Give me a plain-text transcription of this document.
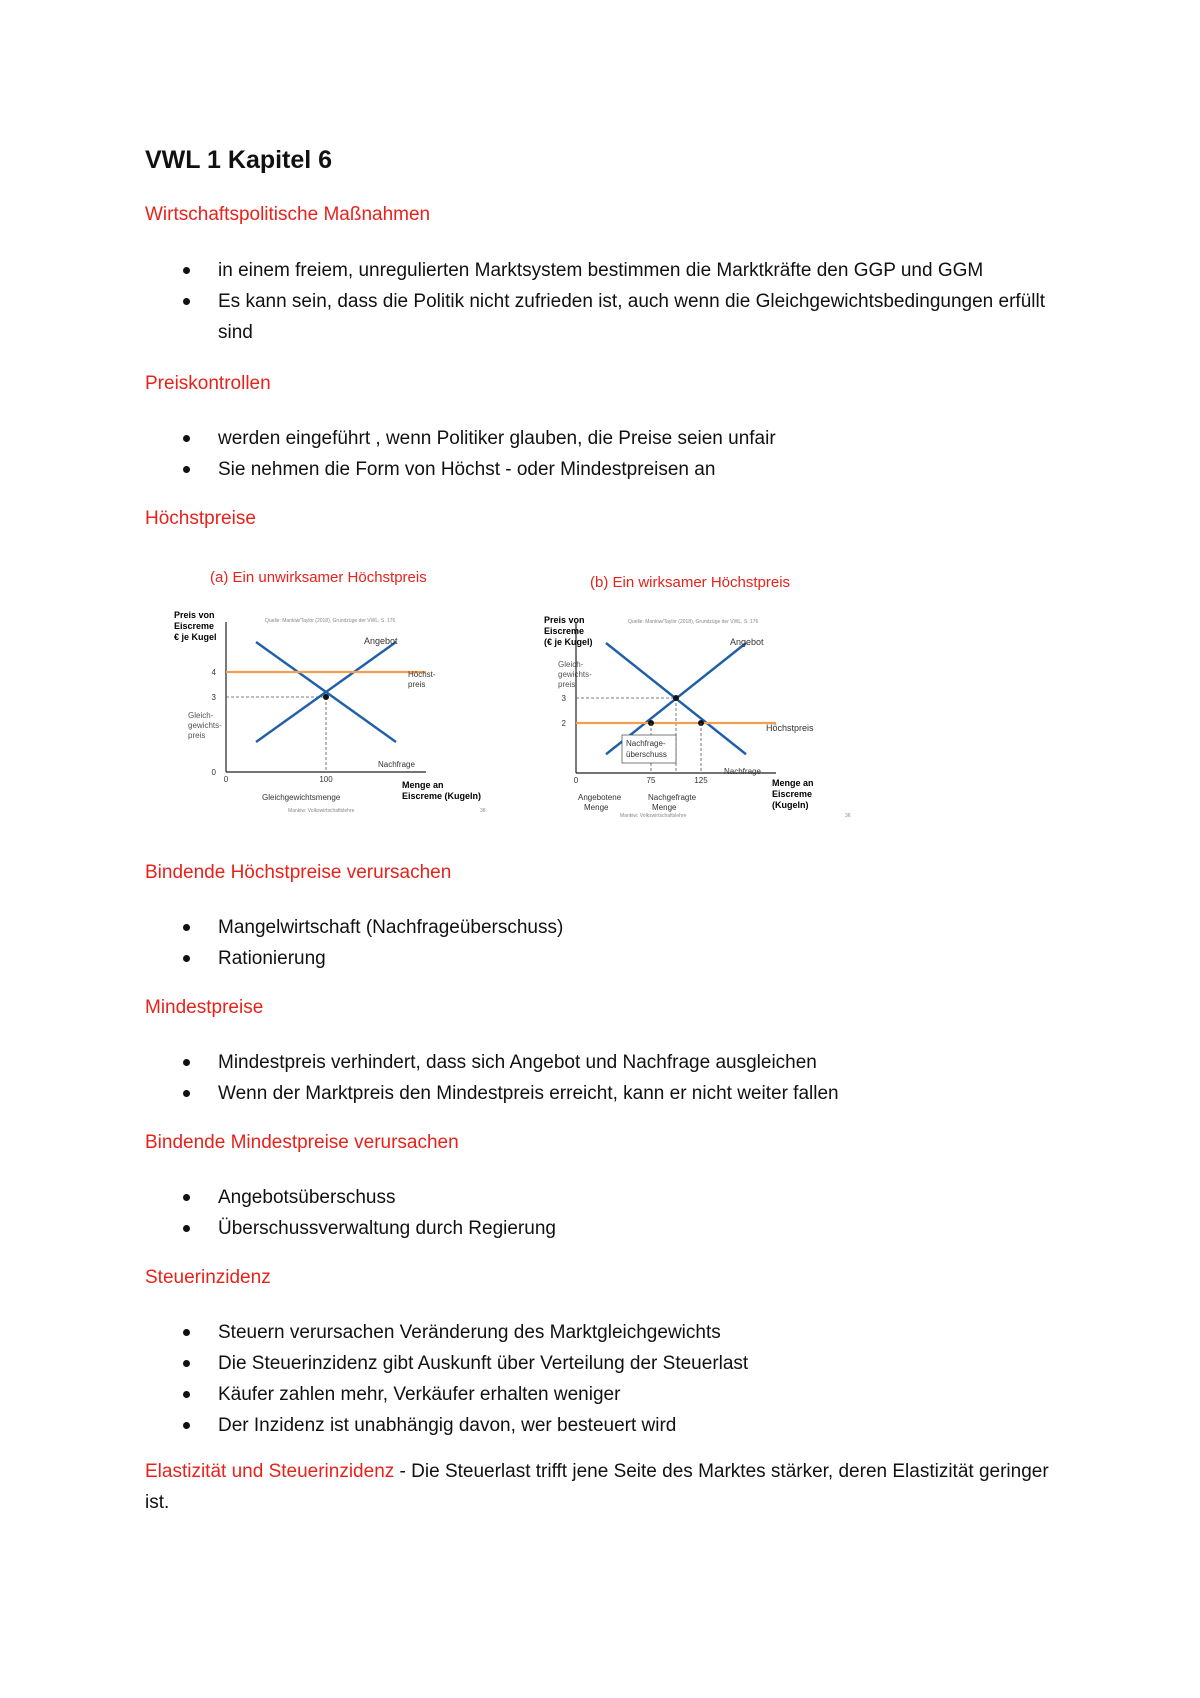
VWL 1 Kapitel 6
Wirtschaftspolitische Maßnahmen
in einem freiem, unregulierten Marktsystem bestimmen die Marktkräfte den GGP und GGM
Es kann sein, dass die Politik nicht zufrieden ist, auch wenn die Gleichgewichtsbedingungen erfüllt sind
Preiskontrollen
werden eingeführt , wenn Politiker glauben, die Preise seien unfair
Sie nehmen die Form von Höchst - oder Mindestpreisen an
Höchstpreise
(a) Ein unwirksamer Höchstpreis
Preis von
Eiscreme
€ je Kugel
Quelle: Mankiw/Taylor (2018), Grundzüge der VWL, S. 176
0
3
4
0	100
Gleich-
gewichts-
preis
Angebot
Höchst-
preis
Nachfrage
Menge an
Eiscreme (Kugeln)
Gleichgewichtsmenge
Mankiw: Volkswirtschaftslehre	36
(b) Ein wirksamer Höchstpreis
Preis von
Eiscreme
(€ je Kugel)
Quelle: Mankiw/Taylor (2018), Grundzüge der VWL, S. 176
Gleich-
gewichts-
preis
2
3
0	75	125
Angebot
Höchstpreis
Nachfrage
Nachfrage-
überschuss
Angebotene
Menge
Nachgefragte
Menge
Menge an
Eiscreme
(Kugeln)
Mankiw: Volkswirtschaftslehre	36
Bindende Höchstpreise verursachen
Mangelwirtschaft (Nachfrageüberschuss)
Rationierung
Mindestpreise
Mindestpreis verhindert, dass sich Angebot und Nachfrage ausgleichen
Wenn der Marktpreis den Mindestpreis erreicht, kann er nicht weiter fallen
Bindende Mindestpreise verursachen
Angebotsüberschuss
Überschussverwaltung durch Regierung
Steuerinzidenz
Steuern verursachen Veränderung des Marktgleichgewichts
Die Steuerinzidenz gibt Auskunft über Verteilung der Steuerlast
Käufer zahlen mehr, Verkäufer erhalten weniger
Der Inzidenz ist unabhängig davon, wer besteuert wird

Elastizität und Steuerinzidenz - Die Steuerlast trifft jene Seite des Marktes stärker, deren Elastizität geringer ist.
